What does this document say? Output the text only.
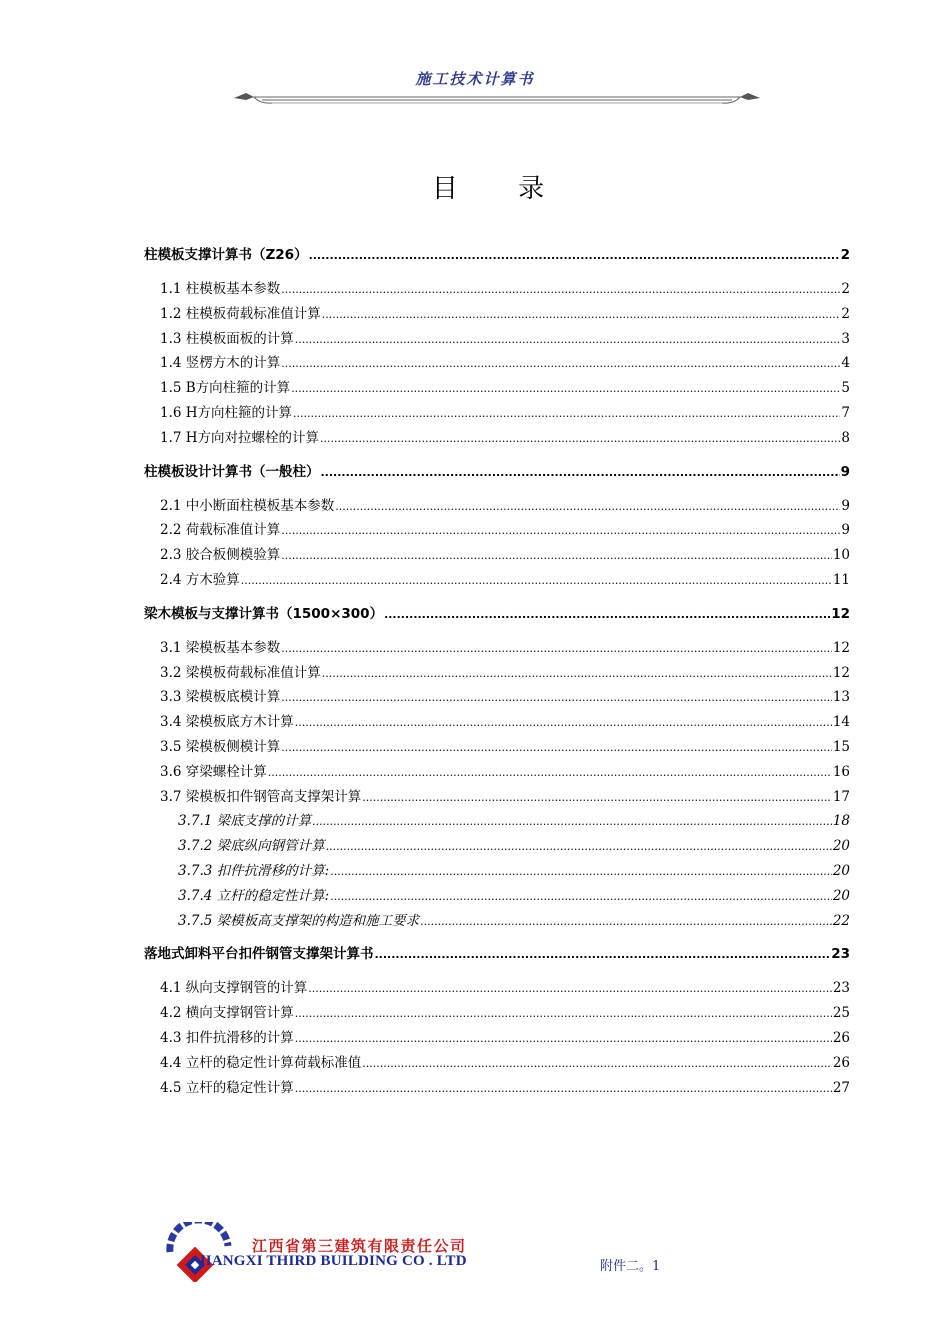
施工技术计算书
目 录
柱模板支撑计算书（Z26） .....	2
1.1 柱模板基本参数 .....	2
1.2 柱模板荷载标准值计算 .....	2
1.3 柱模板面板的计算 .....	3
1.4 竖楞方木的计算 .....	4
1.5 B方向柱箍的计算 .....	5
1.6 H方向柱箍的计算 .....	7
1.7 H方向对拉螺栓的计算 .....	8
柱模板设计计算书（一般柱） .....	9
2.1 中小断面柱模板基本参数 .....	9
2.2 荷载标准值计算 .....	9
2.3 胶合板侧模验算 .....	10
2.4 方木验算 .....	11
梁木模板与支撑计算书（1500×300） .....	12
3.1 梁模板基本参数 .....	12
3.2 梁模板荷载标准值计算 .....	12
3.3 梁模板底模计算 .....	13
3.4 梁模板底方木计算 .....	14
3.5 梁模板侧模计算 .....	15
3.6 穿梁螺栓计算 .....	16
3.7 梁模板扣件钢管高支撑架计算 .....	17
3.7.1 梁底支撑的计算 .....	18
3.7.2 梁底纵向钢管计算 .....	20
3.7.3 扣件抗滑移的计算: .....	20
3.7.4 立杆的稳定性计算: .....	20
3.7.5 梁模板高支撑架的构造和施工要求 .....	22
落地式卸料平台扣件钢管支撑架计算书 .....	23
4.1 纵向支撑钢管的计算 .....	23
4.2 横向支撑钢管计算 .....	25
4.3 扣件抗滑移的计算 .....	26
4.4 立杆的稳定性计算荷载标准值 .....	26
4.5 立杆的稳定性计算 .....	27
江西省第三建筑有限责任公司
JIANGXI THIRD BUILDING CO . LTD	附件二。1
